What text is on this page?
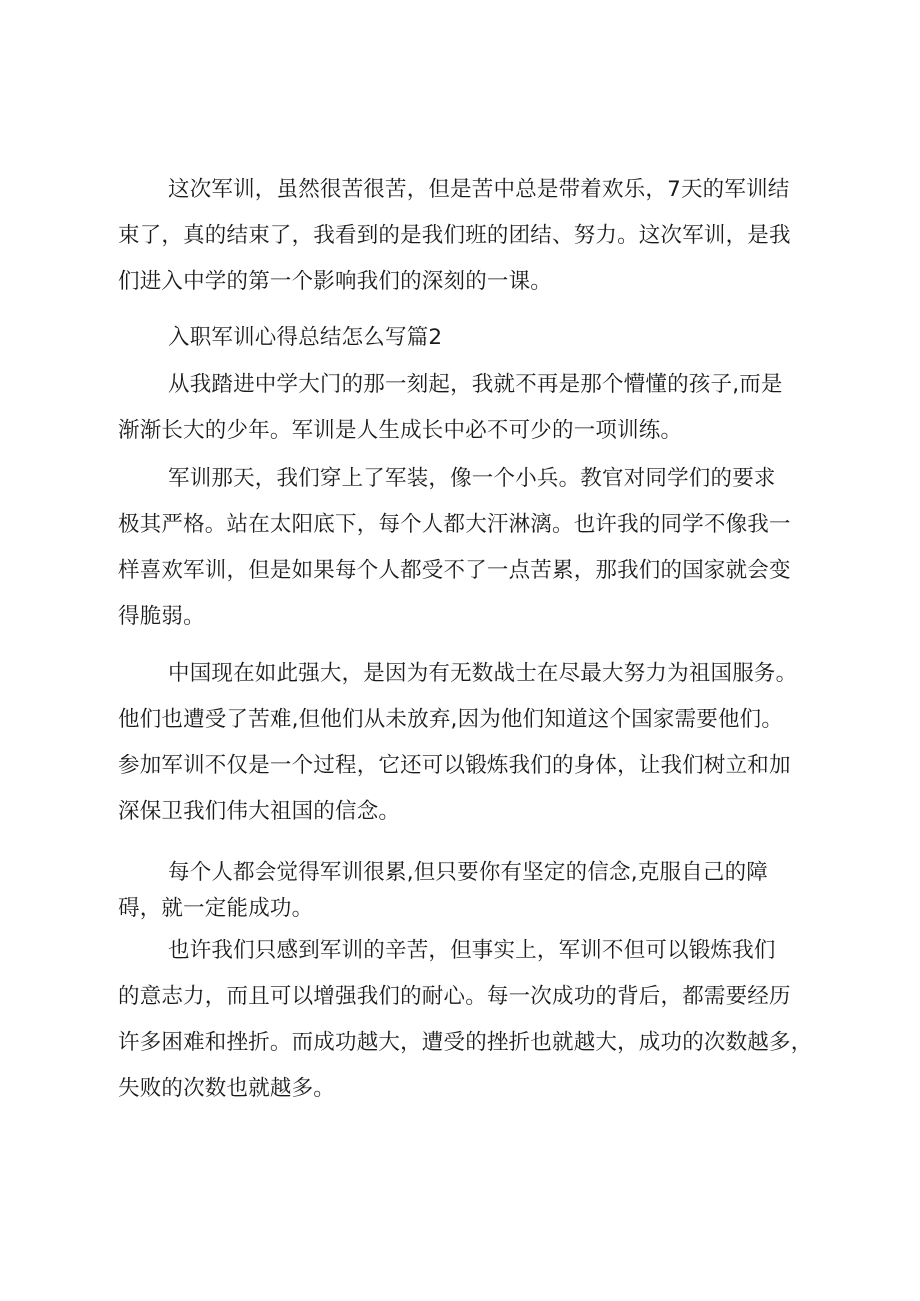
这次军训，虽然很苦很苦，但是苦中总是带着欢乐，7天的军训结
束了，真的结束了，我看到的是我们班的团结、努力。这次军训，是我
们进入中学的第一个影响我们的深刻的一课。
入职军训心得总结怎么写篇2
从我踏进中学大门的那一刻起，我就不再是那个懵懂的孩子,而是
渐渐长大的少年。军训是人生成长中必不可少的一项训练。
军训那天，我们穿上了军装，像一个小兵。教官对同学们的要求
极其严格。站在太阳底下，每个人都大汗淋漓。也许我的同学不像我一
样喜欢军训，但是如果每个人都受不了一点苦累，那我们的国家就会变
得脆弱。
中国现在如此强大，是因为有无数战士在尽最大努力为祖国服务。
他们也遭受了苦难,但他们从未放弃,因为他们知道这个国家需要他们。
参加军训不仅是一个过程，它还可以锻炼我们的身体，让我们树立和加
深保卫我们伟大祖国的信念。
每个人都会觉得军训很累,但只要你有坚定的信念,克服自己的障
碍，就一定能成功。
也许我们只感到军训的辛苦，但事实上，军训不但可以锻炼我们
的意志力，而且可以增强我们的耐心。每一次成功的背后，都需要经历
许多困难和挫折。而成功越大，遭受的挫折也就越大，成功的次数越多，
失败的次数也就越多。
